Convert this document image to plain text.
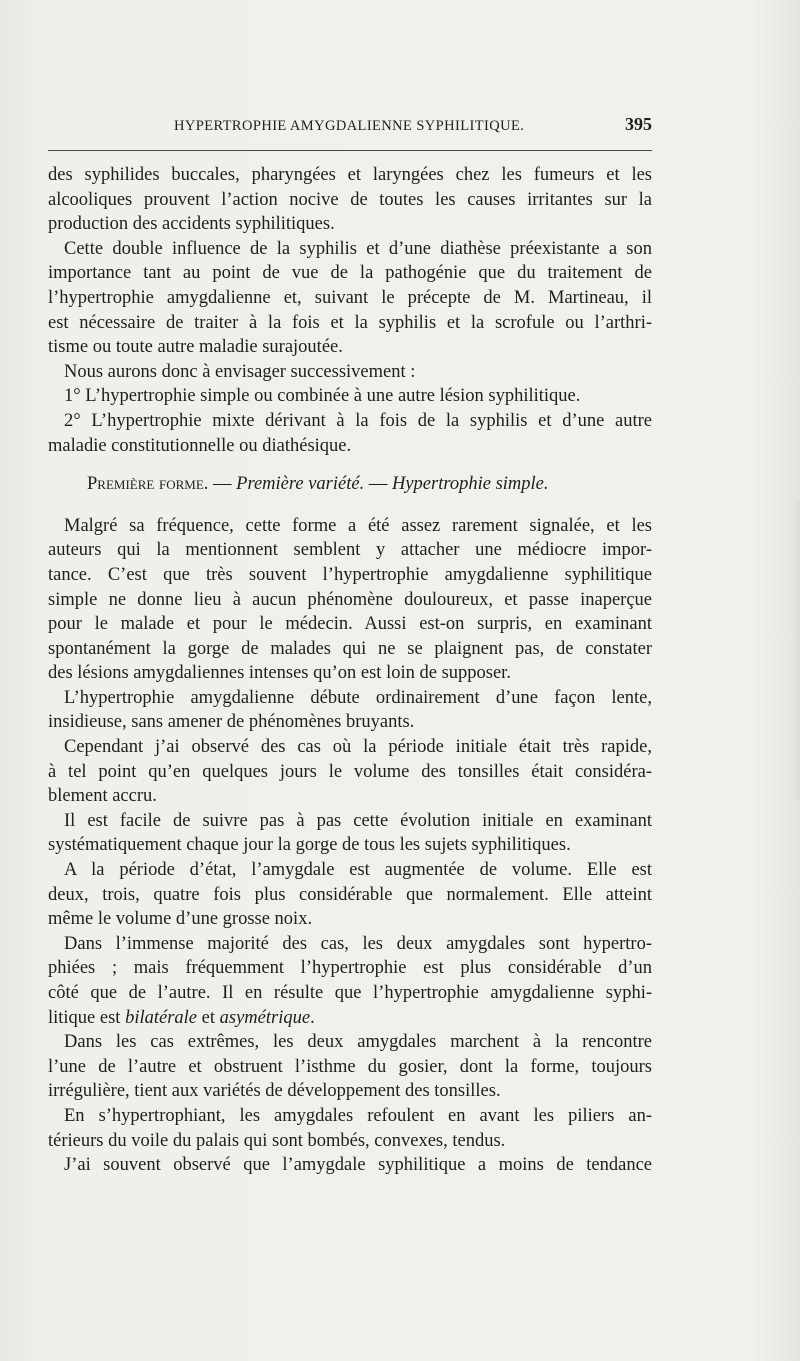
HYPERTROPHIE AMYGDALIENNE SYPHILITIQUE.	395
des syphilides buccales, pharyngées et laryngées chez les fumeurs et les
alcooliques prouvent l’action nocive de toutes les causes irritantes sur la
production des accidents syphilitiques.
Cette double influence de la syphilis et d’une diathèse préexistante a son
importance tant au point de vue de la pathogénie que du traitement de
l’hypertrophie amygdalienne et, suivant le précepte de M. Martineau, il
est nécessaire de traiter à la fois et la syphilis et la scrofule ou l’arthri-
tisme ou toute autre maladie surajoutée.
Nous aurons donc à envisager successivement :
1° L’hypertrophie simple ou combinée à une autre lésion syphilitique.
2° L’hypertrophie mixte dérivant à la fois de la syphilis et d’une autre
maladie constitutionnelle ou diathésique.
Première forme. — Première variété. — Hypertrophie simple.
Malgré sa fréquence, cette forme a été assez rarement signalée, et les
auteurs qui la mentionnent semblent y attacher une médiocre impor-
tance. C’est que très souvent l’hypertrophie amygdalienne syphilitique
simple ne donne lieu à aucun phénomène douloureux, et passe inaperçue
pour le malade et pour le médecin. Aussi est-on surpris, en examinant
spontanément la gorge de malades qui ne se plaignent pas, de constater
des lésions amygdaliennes intenses qu’on est loin de supposer.
L’hypertrophie amygdalienne débute ordinairement d’une façon lente,
insidieuse, sans amener de phénomènes bruyants.
Cependant j’ai observé des cas où la période initiale était très rapide,
à tel point qu’en quelques jours le volume des tonsilles était considéra-
blement accru.
Il est facile de suivre pas à pas cette évolution initiale en examinant
systématiquement chaque jour la gorge de tous les sujets syphilitiques.
A la période d’état, l’amygdale est augmentée de volume. Elle est
deux, trois, quatre fois plus considérable que normalement. Elle atteint
même le volume d’une grosse noix.
Dans l’immense majorité des cas, les deux amygdales sont hypertro-
phiées ; mais fréquemment l’hypertrophie est plus considérable d’un
côté que de l’autre. Il en résulte que l’hypertrophie amygdalienne syphi-
litique est bilatérale et asymétrique.
Dans les cas extrêmes, les deux amygdales marchent à la rencontre
l’une de l’autre et obstruent l’isthme du gosier, dont la forme, toujours
irrégulière, tient aux variétés de développement des tonsilles.
En s’hypertrophiant, les amygdales refoulent en avant les piliers an-
térieurs du voile du palais qui sont bombés, convexes, tendus.
J’ai souvent observé que l’amygdale syphilitique a moins de tendance
